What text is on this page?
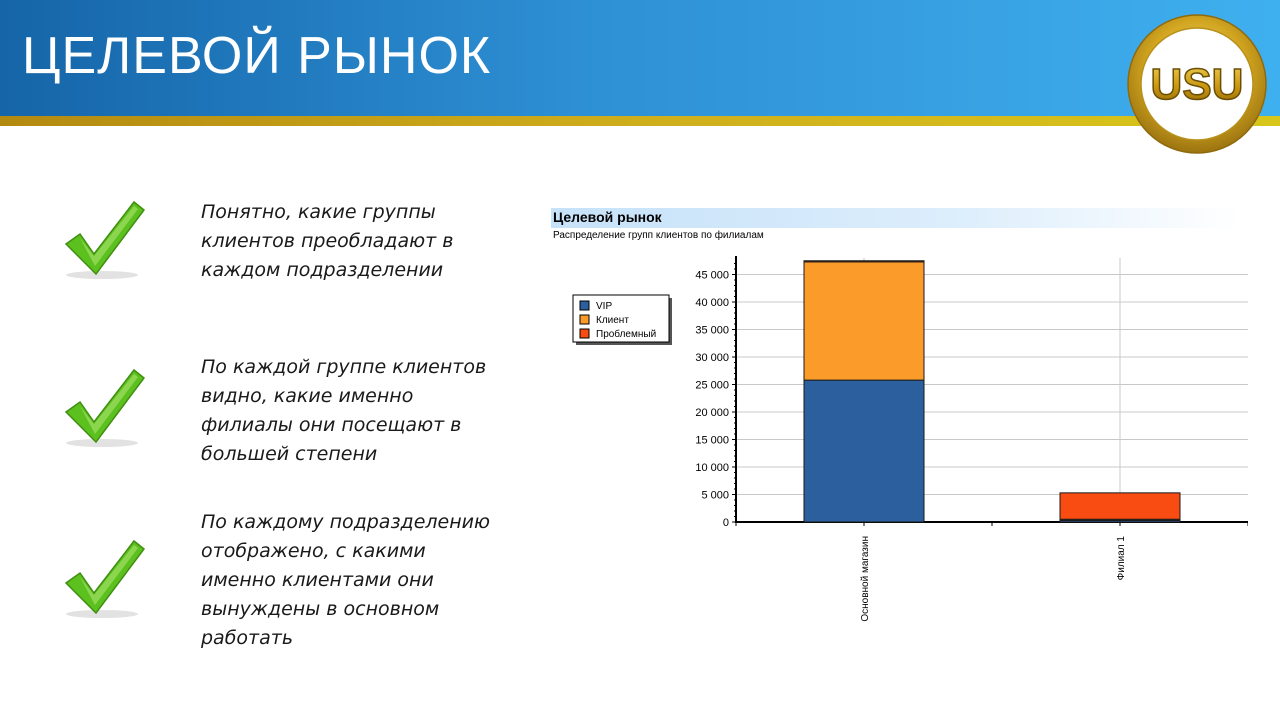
ЦЕЛЕВОЙ РЫНОК	USU
Понятно, какие группы
клиентов преобладают в
каждом подразделении
По каждой группе клиентов
видно, какие именно
филиалы они посещают в
большей степени
По каждому подразделению
отображено, с какими
именно клиентами они
вынуждены в основном
работать
Целевой рынок
Распределение групп клиентов по филиалам
0
5 000
10 000
15 000
20 000
25 000
30 000
35 000
40 000
45 000
Основной магазин	Филиал 1
VIP
Клиент
Проблемный
